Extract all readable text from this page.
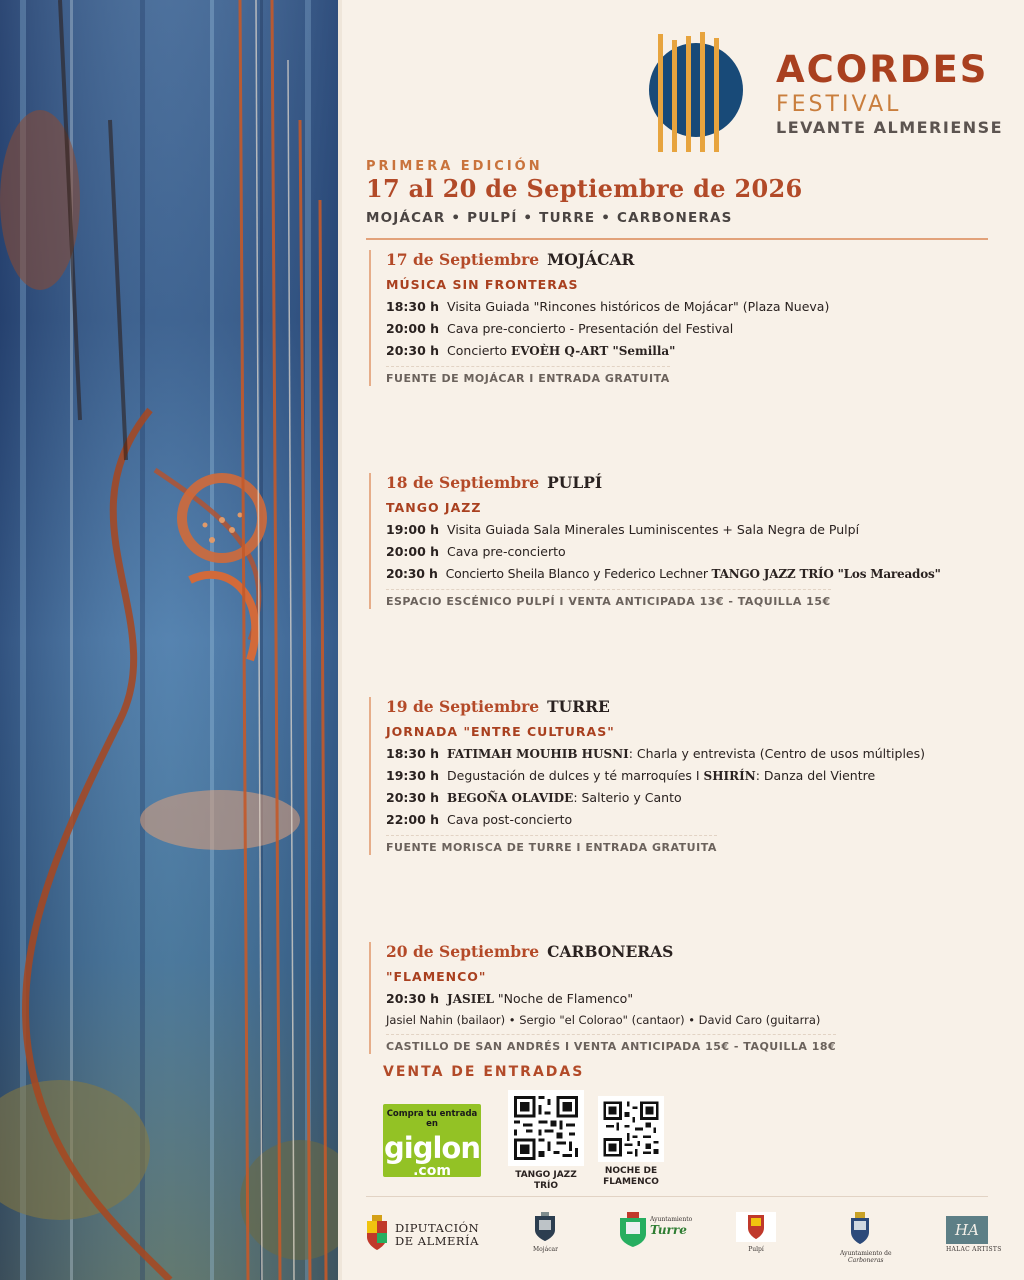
ACORDES
FESTIVAL
LEVANTE ALMERIENSE
PRIMERA EDICIÓN
17 al 20 de Septiembre de 2026
MOJÁCAR • PULPÍ • TURRE • CARBONERAS
17 de Septiembre MOJÁCAR
MÚSICA SIN FRONTERAS
18:30 h Visita Guiada "Rincones históricos de Mojácar" (Plaza Nueva)
20:00 h Cava pre-concierto - Presentación del Festival
20:30 h Concierto EVOÈH Q-ART "Semilla"
FUENTE DE MOJÁCAR I ENTRADA GRATUITA
18 de Septiembre PULPÍ
TANGO JAZZ
19:00 h Visita Guiada Sala Minerales Luminiscentes + Sala Negra de Pulpí
20:00 h Cava pre-concierto
20:30 h Concierto Sheila Blanco y Federico Lechner TANGO JAZZ TRÍO "Los Mareados"
ESPACIO ESCÉNICO PULPÍ I VENTA ANTICIPADA 13€ - TAQUILLA 15€
19 de Septiembre TURRE
JORNADA "ENTRE CULTURAS"
18:30 h FATIMAH MOUHIB HUSNI: Charla y entrevista (Centro de usos múltiples)
19:30 h Degustación de dulces y té marroquíes I SHIRÍN: Danza del Vientre
20:30 h BEGOÑA OLAVIDE: Salterio y Canto
22:00 h Cava post-concierto
FUENTE MORISCA DE TURRE I ENTRADA GRATUITA
20 de Septiembre CARBONERAS
"FLAMENCO"
20:30 h JASIEL "Noche de Flamenco"
Jasiel Nahin (bailaor) • Sergio "el Colorao" (cantaor) • David Caro (guitarra)
CASTILLO DE SAN ANDRÉS I VENTA ANTICIPADA 15€ - TAQUILLA 18€
VENTA DE ENTRADAS
Compra tu entrada en
giglon
.com	TANGO JAZZ
TRÍO
NOCHE DE
FLAMENCO
DIPUTACIÓN
DE ALMERÍA
Mojácar
Ayuntamiento
Turre
Pulpí
Ayuntamiento de
Carboneras
HA
HALAC ARTISTS
